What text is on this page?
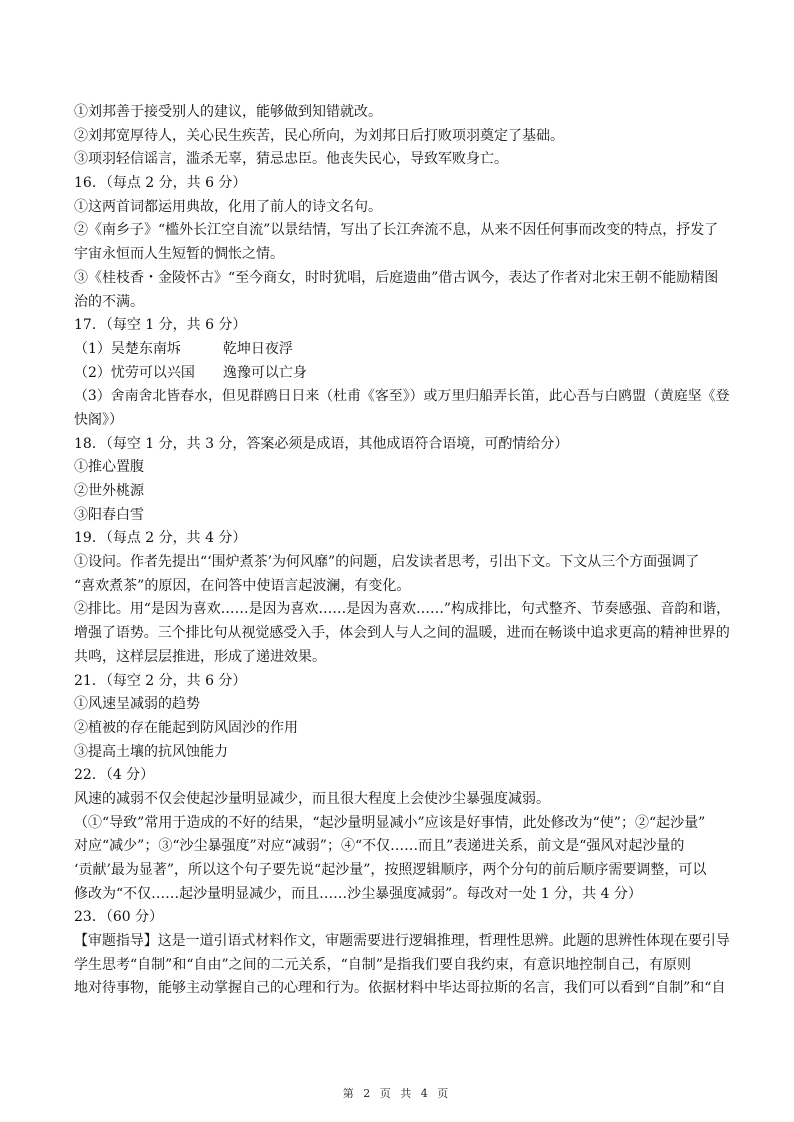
①刘邦善于接受别人的建议，能够做到知错就改。
②刘邦宽厚待人，关心民生疾苦，民心所向，为刘邦日后打败项羽奠定了基础。
③项羽轻信谣言，滥杀无辜，猜忌忠臣。他丧失民心，导致军败身亡。
16．（每点 2 分，共 6 分）
①这两首词都运用典故，化用了前人的诗文名句。
②《南乡子》“槛外长江空自流”以景结情，写出了长江奔流不息，从来不因任何事而改变的特点，抒发了
宇宙永恒而人生短暂的惆怅之情。
③《桂枝香・金陵怀古》“至今商女，时时犹唱，后庭遗曲”借古讽今，表达了作者对北宋王朝不能励精图
治的不满。
17．（每空 1 分，共 6 分）
（1）吴楚东南坼　　　乾坤日夜浮
（2）忧劳可以兴国　　逸豫可以亡身
（3）舍南舍北皆春水，但见群鸥日日来（杜甫《客至》）或万里归船弄长笛，此心吾与白鸥盟（黄庭坚《登
快阁》）
18．（每空 1 分，共 3 分，答案必须是成语，其他成语符合语境，可酌情给分）
①推心置腹
②世外桃源
③阳春白雪
19．（每点 2 分，共 4 分）
①设问。作者先提出“‘围炉煮茶’为何风靡”的问题，启发读者思考，引出下文。下文从三个方面强调了
“喜欢煮茶”的原因，在问答中使语言起波澜，有变化。
②排比。用“是因为喜欢……是因为喜欢……是因为喜欢……”构成排比，句式整齐、节奏感强、音韵和谐，
增强了语势。三个排比句从视觉感受入手，体会到人与人之间的温暖，进而在畅谈中追求更高的精神世界的
共鸣，这样层层推进，形成了递进效果。
21．（每空 2 分，共 6 分）
①风速呈减弱的趋势
②植被的存在能起到防风固沙的作用
③提高土壤的抗风蚀能力
22．（4 分）
风速的减弱不仅会使起沙量明显减少，而且很大程度上会使沙尘暴强度减弱。
（①“导致”常用于造成的不好的结果，“起沙量明显减小”应该是好事情，此处修改为“使”；②“起沙量”
对应“减少”；③“沙尘暴强度”对应“减弱”；④“不仅……而且”表递进关系，前文是“强风对起沙量的
‘贡献’最为显著”，所以这个句子要先说“起沙量”，按照逻辑顺序，两个分句的前后顺序需要调整，可以
修改为“不仅……起沙量明显减少，而且……沙尘暴强度减弱”。每改对一处 1 分，共 4 分）
23．（60 分）
【审题指导】这是一道引语式材料作文，审题需要进行逻辑推理，哲理性思辨。此题的思辨性体现在要引导
学生思考“自制”和“自由”之间的二元关系，“自制”是指我们要自我约束，有意识地控制自己，有原则
地对待事物，能够主动掌握自己的心理和行为。依据材料中毕达哥拉斯的名言，我们可以看到“自制”和“自
第 2 页 共 4 页
